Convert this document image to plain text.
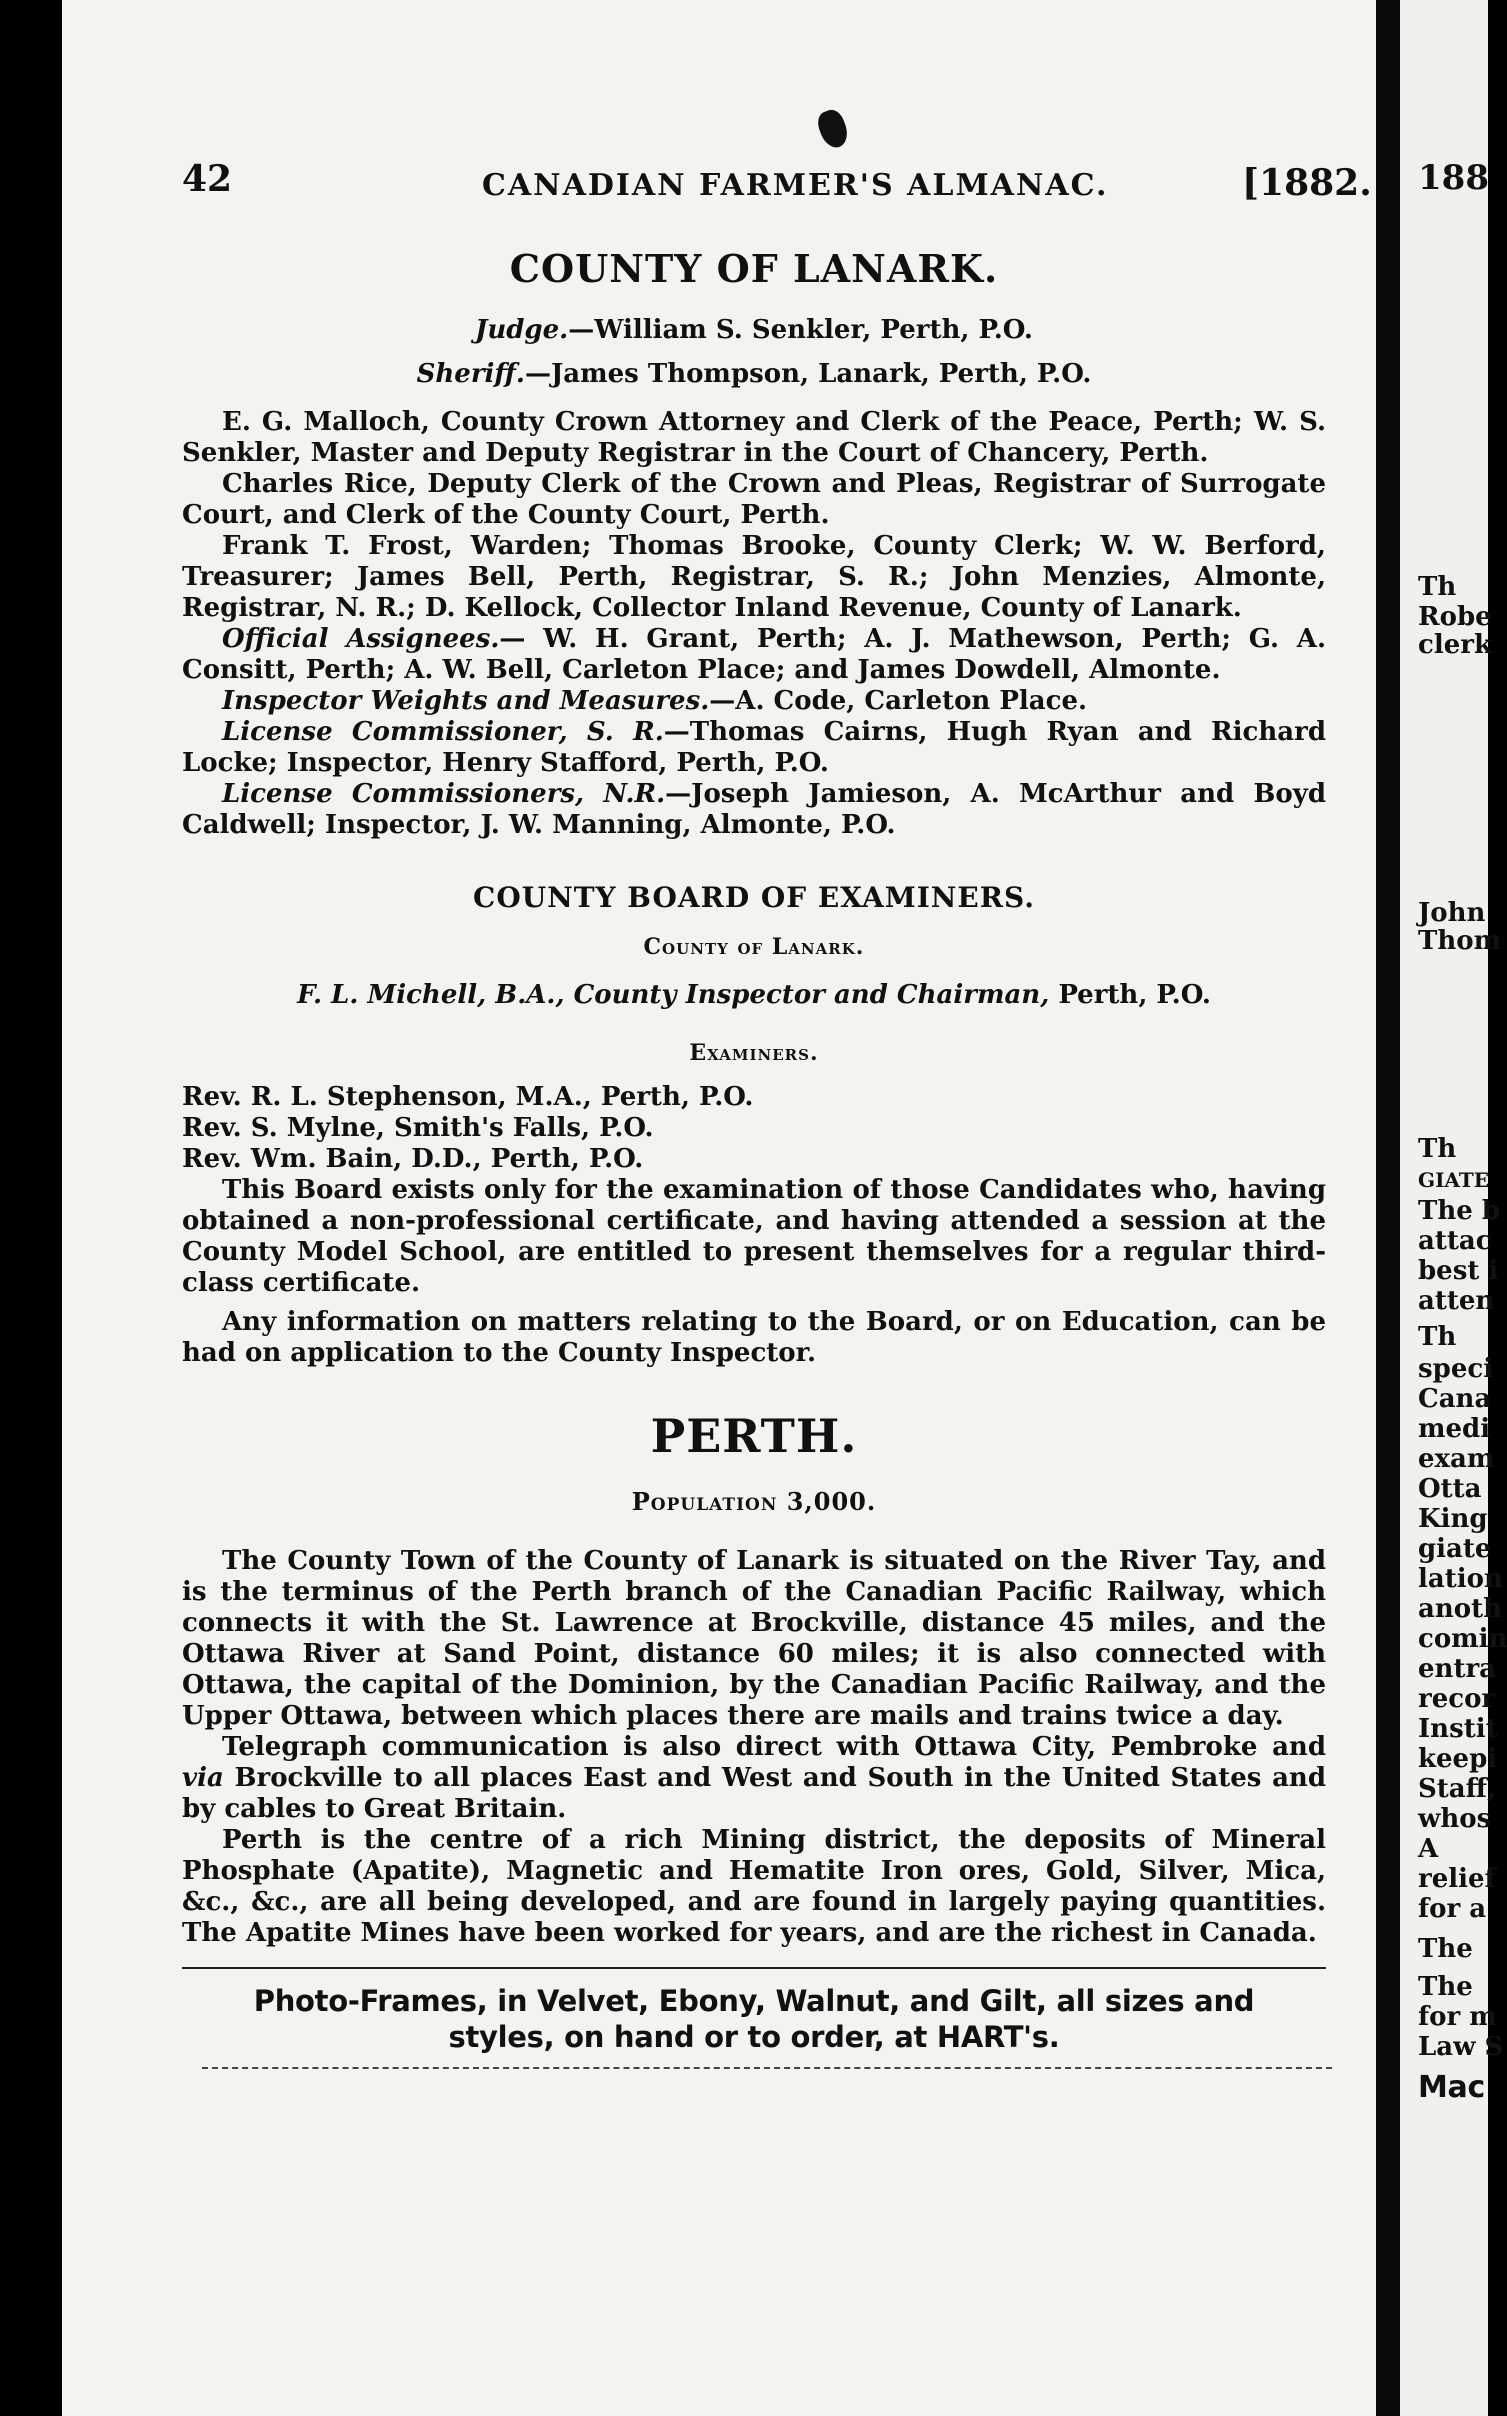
188
Th
Robe
clerk
John
Thom
Th
GIATE
The b
attac
best i
atten
Th
speci
Cana
medi
exam
Otta
King
giate
lation
anoth
comin
entra
recor
Instit
keepi
Staff,
whos
A
relief
for a
The
The
for m
Law S
Mac
42	CANADIAN FARMER'S ALMANAC.	[1882.
COUNTY OF LANARK.
Judge.—William S. Senkler, Perth, P.O.
Sheriff.—James Thompson, Lanark, Perth, P.O.

E. G. Malloch, County Crown Attorney and Clerk of the Peace, Perth; W. S. Senkler, Master and Deputy Registrar in the Court of Chancery, Perth.

Charles Rice, Deputy Clerk of the Crown and Pleas, Registrar of Surrogate Court, and Clerk of the County Court, Perth.

Frank T. Frost, Warden; Thomas Brooke, County Clerk; W. W. Berford, Treasurer; James Bell, Perth, Registrar, S. R.; John Menzies, Almonte, Registrar, N. R.; D. Kellock, Collector Inland Revenue, County of Lanark.

Official Assignees.— W. H. Grant, Perth; A. J. Mathewson, Perth; G. A. Consitt, Perth; A. W. Bell, Carleton Place; and James Dowdell, Almonte.

Inspector Weights and Measures.—A. Code, Carleton Place.

License Commissioner, S. R.—Thomas Cairns, Hugh Ryan and Richard Locke; Inspector, Henry Stafford, Perth, P.O.

License Commissioners, N.R.—Joseph Jamieson, A. McArthur and Boyd Caldwell; Inspector, J. W. Manning, Almonte, P.O.

COUNTY BOARD OF EXAMINERS.
County of Lanark.
F. L. Michell, B.A., County Inspector and Chairman, Perth, P.O.
Examiners.
Rev. R. L. Stephenson, M.A., Perth, P.O.
Rev. S. Mylne, Smith's Falls, P.O.
Rev. Wm. Bain, D.D., Perth, P.O.

This Board exists only for the examination of those Candidates who, having obtained a non-professional certificate, and having attended a session at the County Model School, are entitled to present themselves for a regular third-class certificate.

Any information on matters relating to the Board, or on Education, can be had on application to the County Inspector.

PERTH.
Population 3,000.

The County Town of the County of Lanark is situated on the River Tay, and is the terminus of the Perth branch of the Canadian Pacific Railway, which connects it with the St. Lawrence at Brockville, distance 45 miles, and the Ottawa River at Sand Point, distance 60 miles; it is also connected with Ottawa, the capital of the Dominion, by the Canadian Pacific Railway, and the Upper Ottawa, between which places there are mails and trains twice a day.

Telegraph communication is also direct with Ottawa City, Pembroke and via Brockville to all places East and West and South in the United States and by cables to Great Britain.

Perth is the centre of a rich Mining district, the deposits of Mineral Phosphate (Apatite), Magnetic and Hematite Iron ores, Gold, Silver, Mica, &c., &c., are all being developed, and are found in largely paying quantities. The Apatite Mines have been worked for years, and are the richest in Canada.

Photo-Frames, in Velvet, Ebony, Walnut, and Gilt, all sizes and
styles, on hand or to order, at HART's.
